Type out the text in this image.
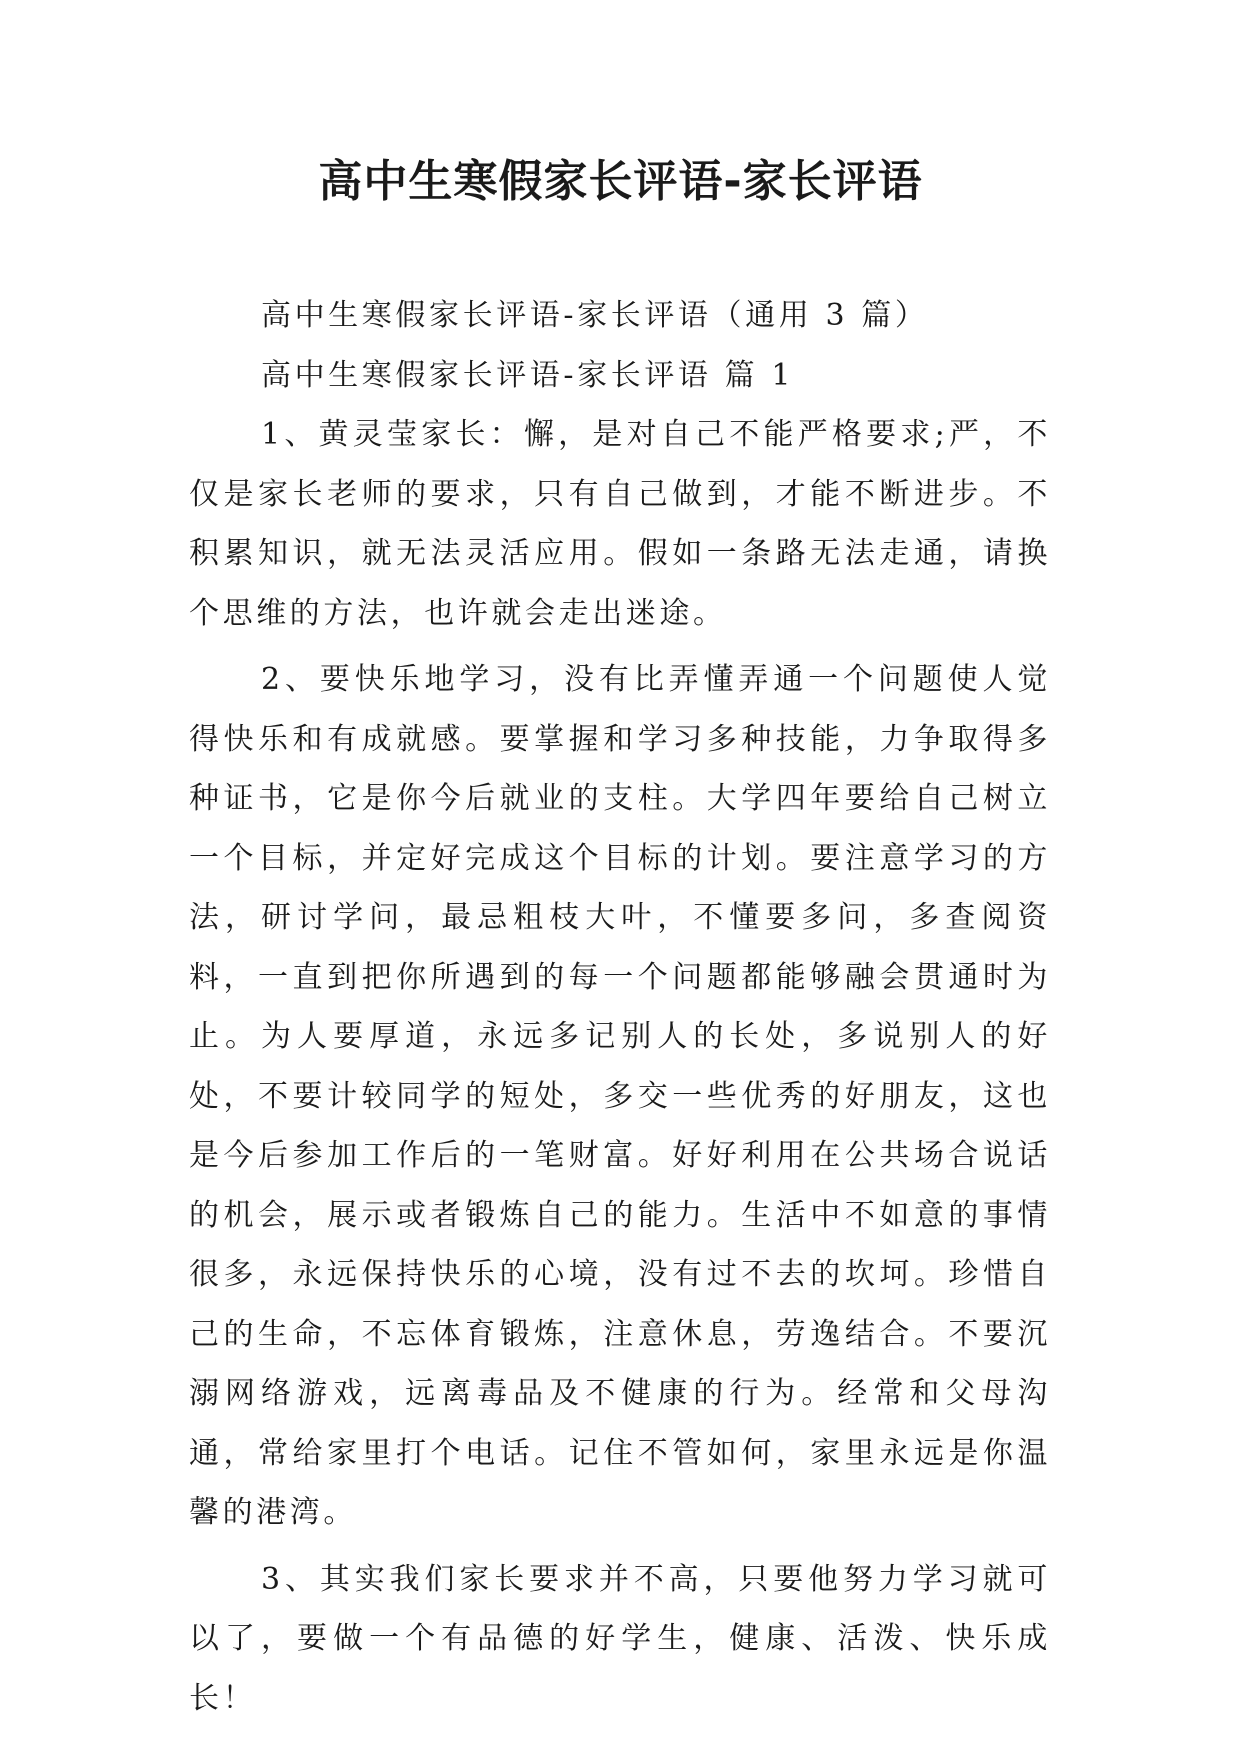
高中生寒假家长评语-家长评语

高中生寒假家长评语-家长评语（通用 3 篇）

高中生寒假家长评语-家长评语 篇 1

1、黄灵莹家长：懈，是对自己不能严格要求;严，不仅是家长老师的要求，只有自己做到，才能不断进步。不积累知识，就无法灵活应用。假如一条路无法走通，请换个思维的方法，也许就会走出迷途。

2、要快乐地学习，没有比弄懂弄通一个问题使人觉得快乐和有成就感。要掌握和学习多种技能，力争取得多种证书，它是你今后就业的支柱。大学四年要给自己树立一个目标，并定好完成这个目标的计划。要注意学习的方法，研讨学问，最忌粗枝大叶，不懂要多问，多查阅资料，一直到把你所遇到的每一个问题都能够融会贯通时为止。为人要厚道，永远多记别人的长处，多说别人的好处，不要计较同学的短处，多交一些优秀的好朋友，这也是今后参加工作后的一笔财富。好好利用在公共场合说话的机会，展示或者锻炼自己的能力。生活中不如意的事情很多，永远保持快乐的心境，没有过不去的坎坷。珍惜自己的生命，不忘体育锻炼，注意休息，劳逸结合。不要沉溺网络游戏，远离毒品及不健康的行为。经常和父母沟通，常给家里打个电话。记住不管如何，家里永远是你温馨的港湾。

3、其实我们家长要求并不高，只要他努力学习就可以了，要做一个有品德的好学生，健康、活泼、快乐成长！
